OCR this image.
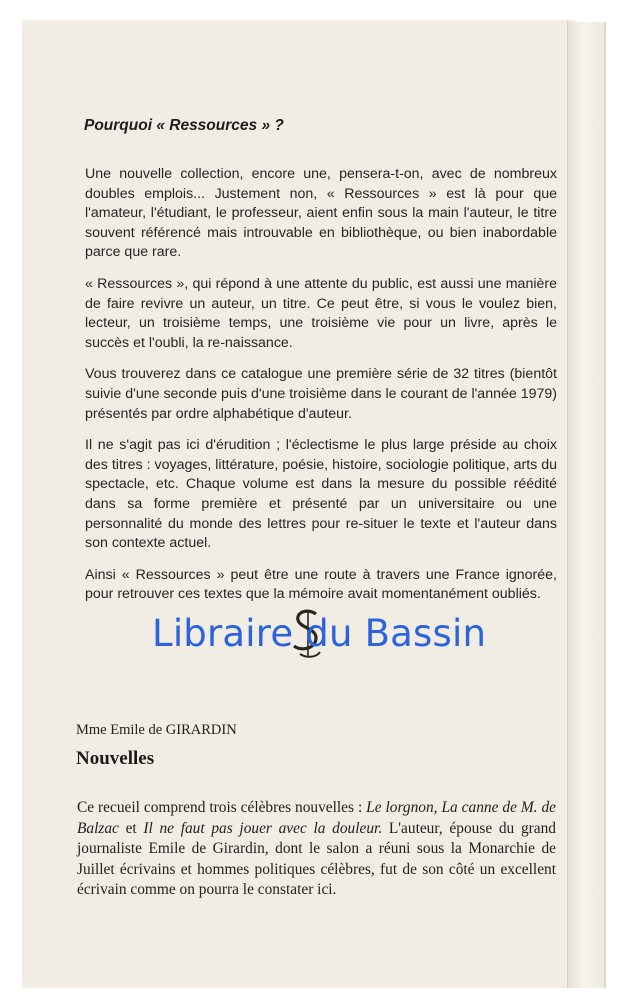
Pourquoi « Ressources » ?

Une nouvelle collection, encore une, pensera-t-on, avec de nombreux doubles emplois... Justement non, « Ressources » est là pour que l'amateur, l'étudiant, le professeur, aient enfin sous la main l'auteur, le titre souvent référencé mais introuvable en bibliothèque, ou bien inabordable parce que rare.

« Ressources », qui répond à une attente du public, est aussi une manière de faire revivre un auteur, un titre. Ce peut être, si vous le voulez bien, lecteur, un troisième temps, une troisième vie pour un livre, après le succès et l'oubli, la re-naissance.

Vous trouverez dans ce catalogue une première série de 32 titres (bientôt suivie d'une seconde puis d'une troisième dans le courant de l'année 1979) présentés par ordre alphabétique d'auteur.

Il ne s'agit pas ici d'érudition ; l'éclectisme le plus large préside au choix des titres : voyages, littérature, poésie, histoire, sociologie politique, arts du spectacle, etc. Chaque volume est dans la mesure du possible réédité dans sa forme première et présenté par un universitaire ou une personnalité du monde des lettres pour re-situer le texte et l'auteur dans son contexte actuel.

Ainsi « Ressources » peut être une route à travers une France ignorée, pour retrouver ces textes que la mémoire avait momentanément oubliés.

Libraire du Bassin

Mme Emile de GIRARDIN

Nouvelles

Ce recueil comprend trois célèbres nouvelles : Le lorgnon, La canne de M. de Balzac et Il ne faut pas jouer avec la douleur. L'auteur, épouse du grand journaliste Emile de Girardin, dont le salon a réuni sous la Monarchie de Juillet écrivains et hommes politiques célèbres, fut de son côté un excellent écrivain comme on pourra le constater ici.
